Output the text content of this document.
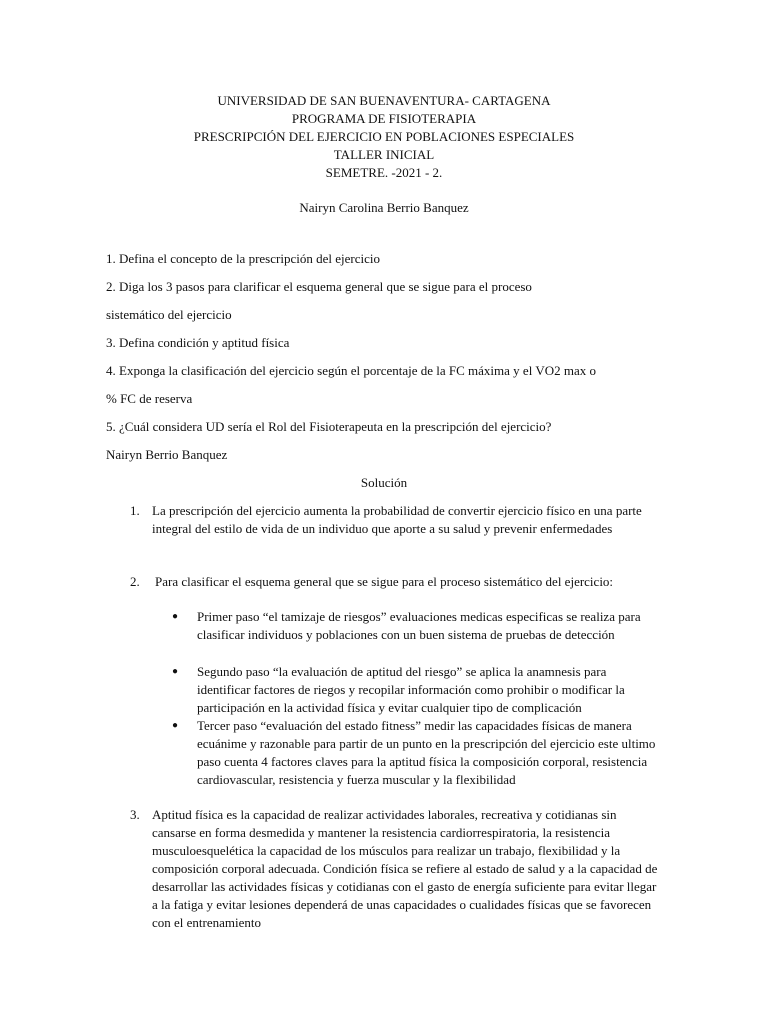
UNIVERSIDAD DE SAN BUENAVENTURA- CARTAGENA
PROGRAMA DE FISIOTERAPIA
PRESCRIPCIÓN DEL EJERCICIO EN POBLACIONES ESPECIALES
TALLER INICIAL
SEMETRE. -2021 - 2.
Nairyn Carolina Berrio Banquez
1. Defina el concepto de la prescripción del ejercicio
2. Diga los 3 pasos para clarificar el esquema general que se sigue para el proceso
sistemático del ejercicio
3. Defina condición y aptitud física
4. Exponga la clasificación del ejercicio según el porcentaje de la FC máxima y el VO2 max o
% FC de reserva
5. ¿Cuál considera UD sería el Rol del Fisioterapeuta en la prescripción del ejercicio?
Nairyn Berrio Banquez
Solución
1. La prescripción del ejercicio aumenta la probabilidad de convertir ejercicio físico en una parte integral del estilo de vida de un individuo que aporte a su salud y prevenir enfermedades
2. Para clasificar el esquema general que se sigue para el proceso sistemático del ejercicio:
● Primer paso “el tamizaje de riesgos” evaluaciones medicas especificas se realiza para clasificar individuos y poblaciones con un buen sistema de pruebas de detección
● Segundo paso “la evaluación de aptitud del riesgo” se aplica la anamnesis para identificar factores de riegos y recopilar información como prohibir o modificar la participación en la actividad física y evitar cualquier tipo de complicación
● Tercer paso “evaluación del estado fitness” medir las capacidades físicas de manera ecuánime y razonable para partir de un punto en la prescripción del ejercicio este ultimo paso cuenta 4 factores claves para la aptitud física la composición corporal, resistencia cardiovascular, resistencia y fuerza muscular y la flexibilidad
3. Aptitud física es la capacidad de realizar actividades laborales, recreativa y cotidianas sin cansarse en forma desmedida y mantener la resistencia cardiorrespiratoria, la resistencia musculoesquelética la capacidad de los músculos para realizar un trabajo, flexibilidad y la composición corporal adecuada. Condición física se refiere al estado de salud y a la capacidad de desarrollar las actividades físicas y cotidianas con el gasto de energía suficiente para evitar llegar a la fatiga y evitar lesiones dependerá de unas capacidades o cualidades físicas que se favorecen con el entrenamiento
